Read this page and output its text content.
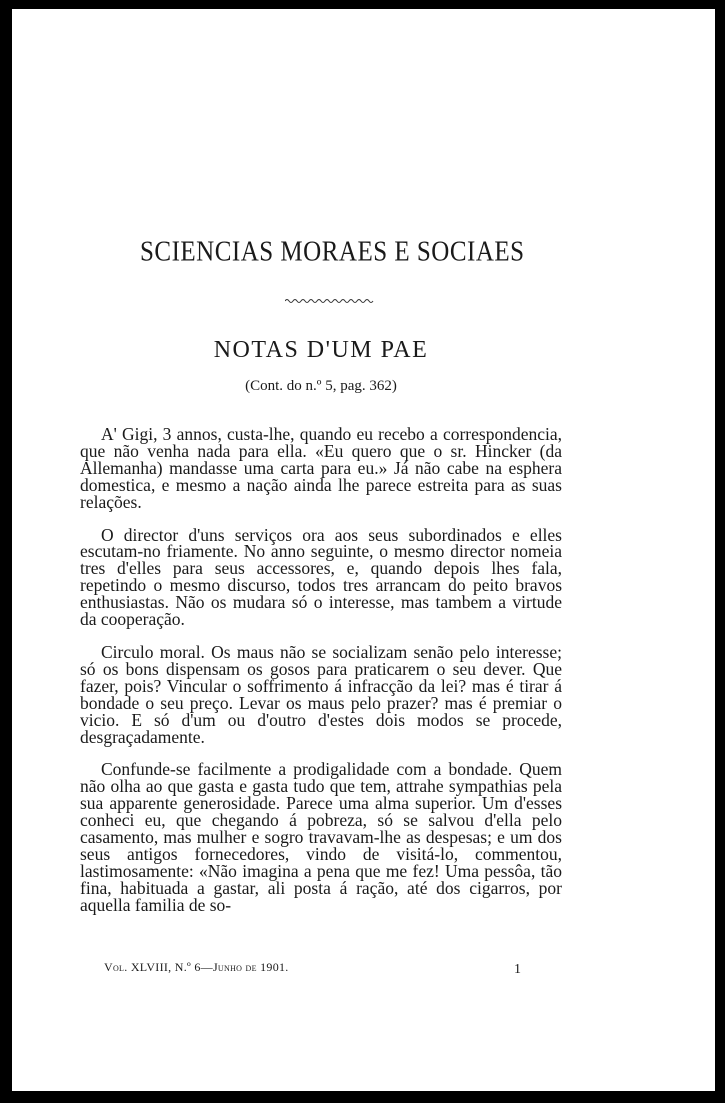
SCIENCIAS MORAES E SOCIAES
NOTAS D'UM PAE
(Cont. do n.º 5, pag. 362)

A' Gigi, 3 annos, custa-lhe, quando eu recebo a correspondencia, que não venha nada para ella. «Eu quero que o sr. Hincker (da Allemanha) mandasse uma carta para eu.» Já não cabe na esphera domestica, e mesmo a nação ainda lhe parece estreita para as suas relações.

O director d'uns serviços ora aos seus subordinados e elles escutam-no friamente. No anno seguinte, o mesmo director nomeia tres d'elles para seus accessores, e, quando depois lhes fala, repetindo o mesmo discurso, todos tres arrancam do peito bravos enthusiastas. Não os mudara só o interesse, mas tambem a virtude da cooperação.

Circulo moral. Os maus não se socializam senão pelo interesse; só os bons dispensam os gosos para praticarem o seu dever. Que fazer, pois? Vincular o soffrimento á infracção da lei? mas é tirar á bondade o seu preço. Levar os maus pelo prazer? mas é premiar o vicio. E só d'um ou d'outro d'estes dois modos se procede, desgraçadamente.

Confunde-se facilmente a prodigalidade com a bondade. Quem não olha ao que gasta e gasta tudo que tem, attrahe sympathias pela sua apparente generosidade. Parece uma alma superior. Um d'esses conheci eu, que chegando á pobreza, só se salvou d'ella pelo casamento, mas mulher e sogro travavam-lhe as despesas; e um dos seus antigos fornecedores, vindo de visitá-lo, commentou, lastimosamente: «Não imagina a pena que me fez! Uma pessôa, tão fina, habituada a gastar, ali posta á ração, até dos cigarros, por aquella familia de so-

Vol. XLVIII, N.º 6—Junho de 1901.	1
